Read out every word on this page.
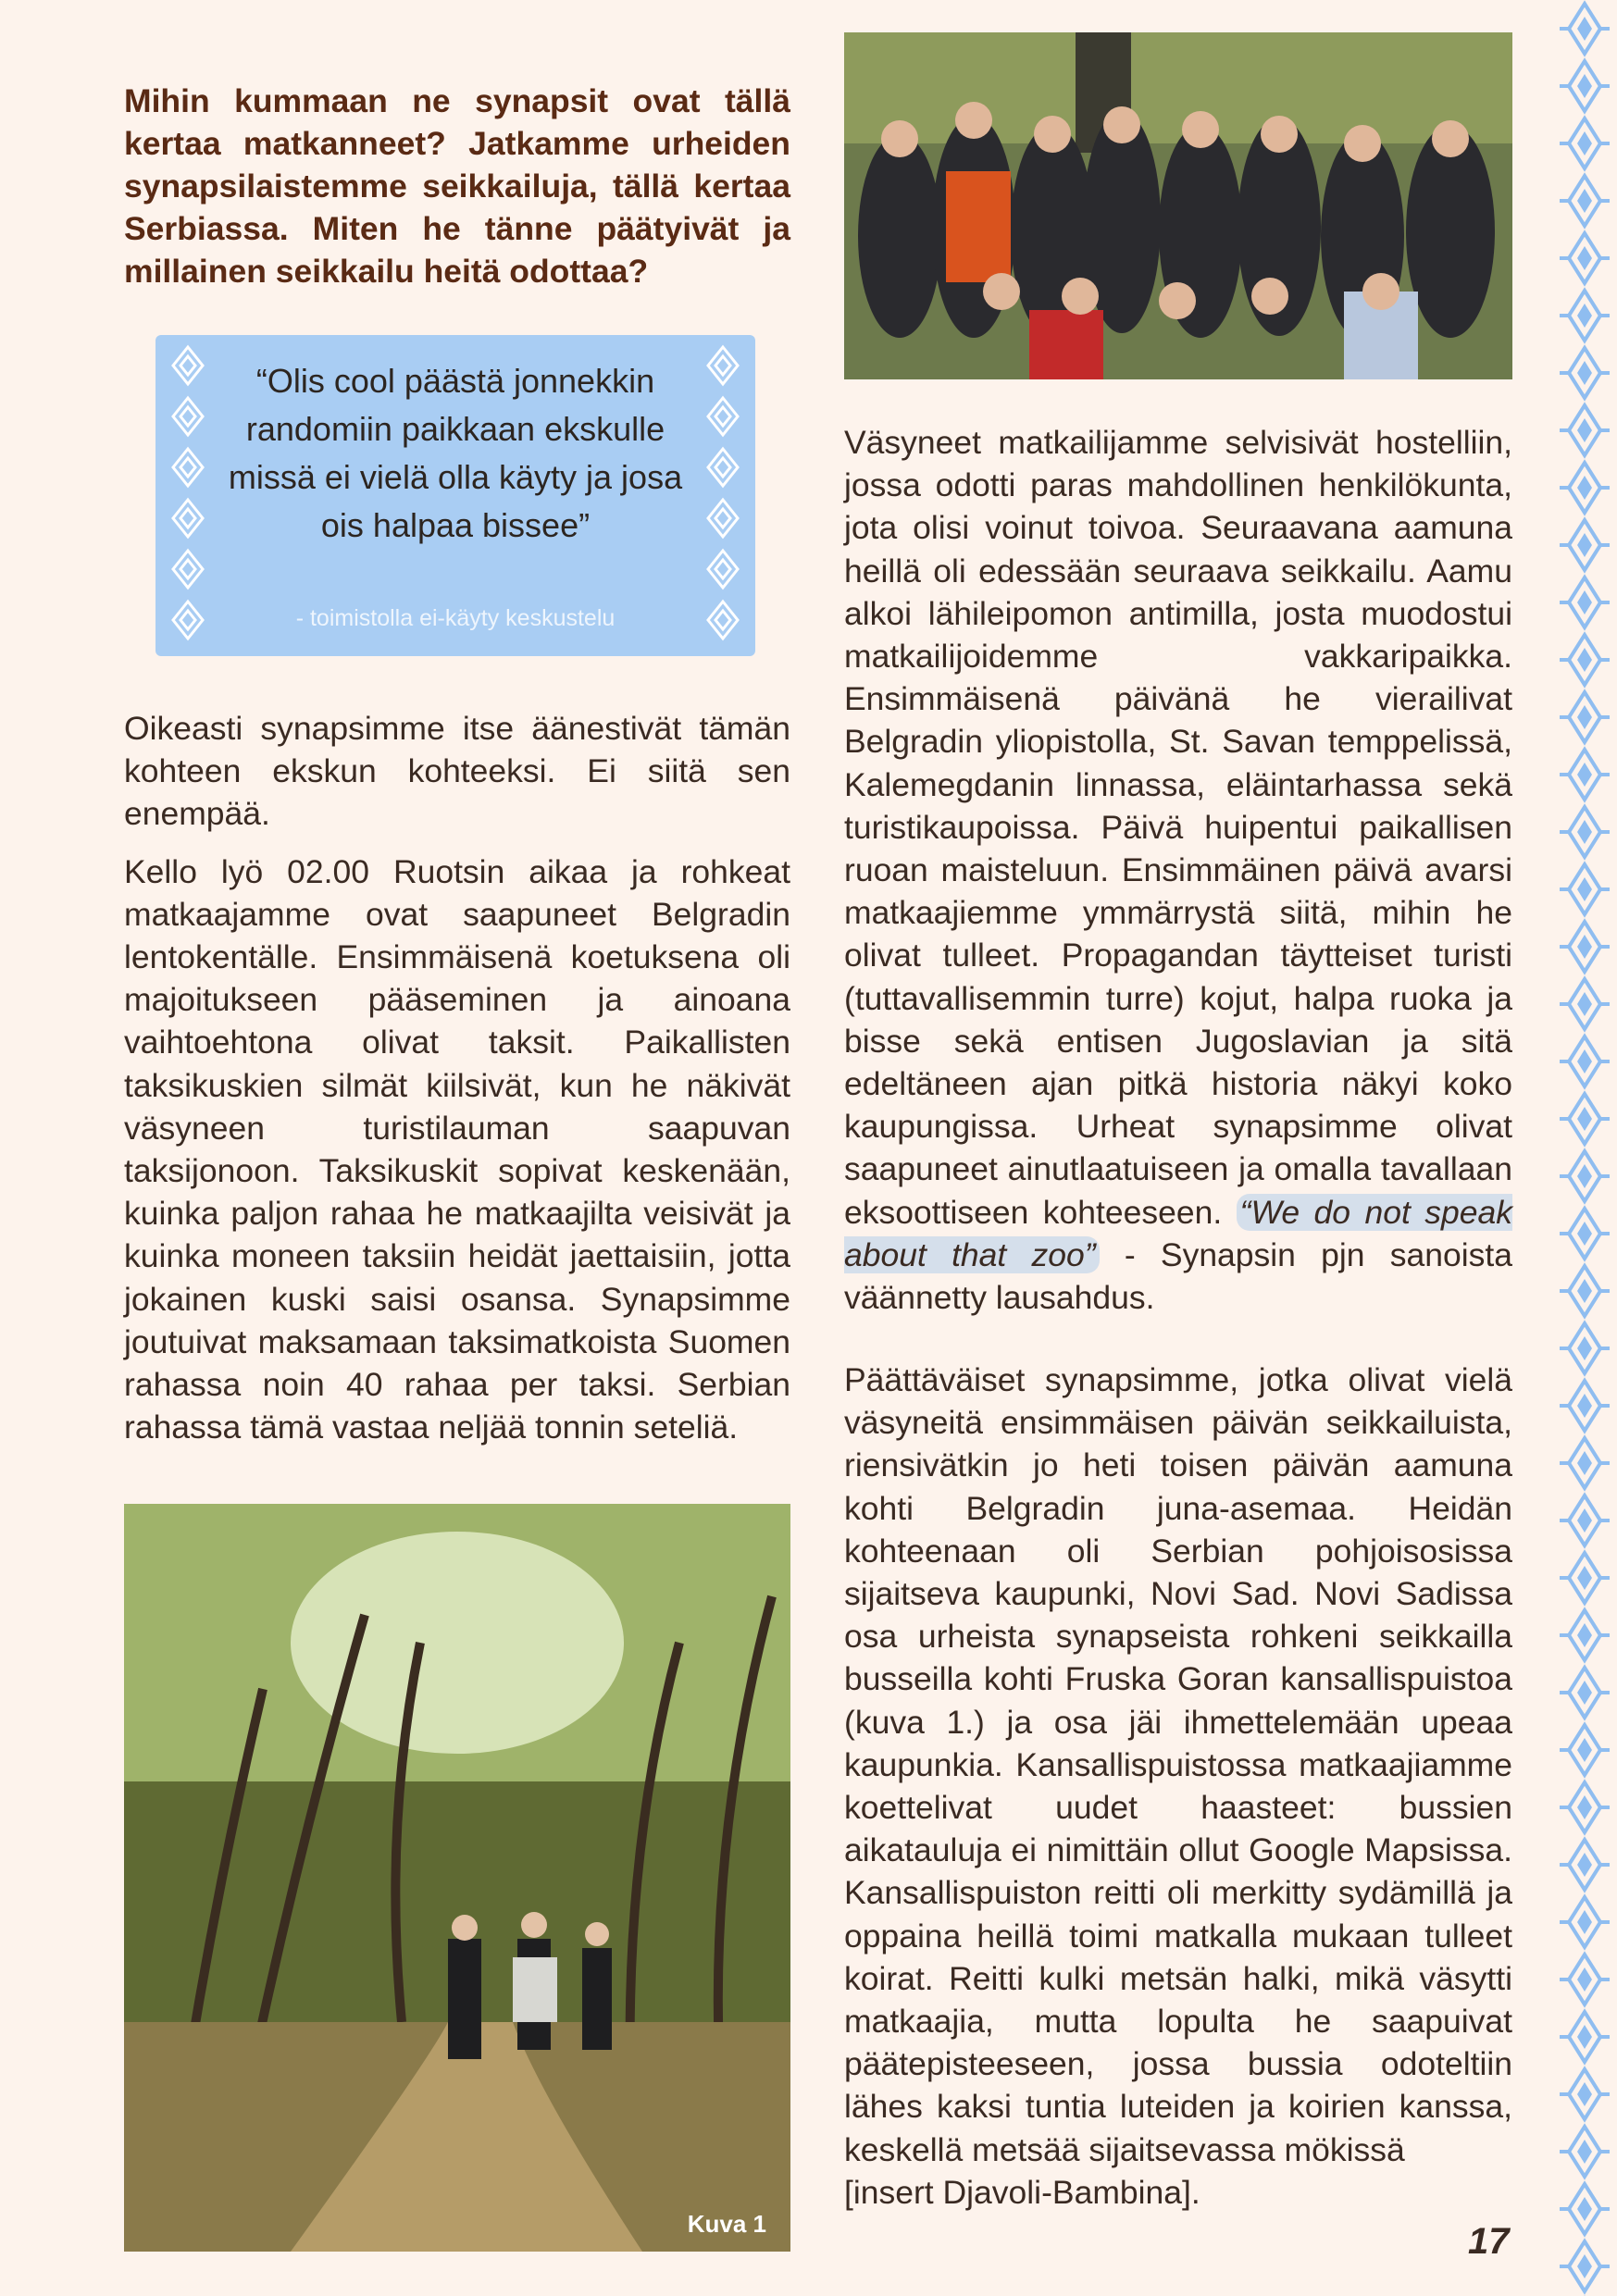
Mihin kummaan ne synapsit ovat tällä kertaa matkanneet? Jatkamme urheiden synapsilaistemme seikkailuja, tällä kertaa Serbiassa. Miten he tänne päätyivät ja millainen seikkailu heitä odottaa?
“Olis cool päästä jonnekkin randomiin paikkaan ekskulle missä ei vielä olla käyty ja josa ois halpaa bissee”
- toimistolla ei-käyty keskustelu

Oikeasti synapsimme itse äänestivät tämän kohteen ekskun kohteeksi. Ei siitä sen enempää.

Kello lyö 02.00 Ruotsin aikaa ja rohkeat matkaajamme ovat saapuneet Belgradin lentokentälle. Ensimmäisenä koetuksena oli majoitukseen pääseminen ja ainoana vaihtoehtona olivat taksit. Paikallisten taksikuskien silmät kiilsivät, kun he näkivät väsyneen turistilauman saapuvan taksijonoon. Taksikuskit sopivat keskenään, kuinka paljon rahaa he matkaajilta veisivät ja kuinka moneen taksiin heidät jaettaisiin, jotta jokainen kuski saisi osansa. Synapsimme joutuivat maksamaan taksimatkoista Suomen rahassa noin 40 rahaa per taksi. Serbian rahassa tämä vastaa neljää tonnin seteliä.

Väsyneet matkailijamme selvisivät hostelliin, jossa odotti paras mahdollinen henkilökunta, jota olisi voinut toivoa. Seuraavana aamuna heillä oli edessään seuraava seikkailu. Aamu alkoi lähileipomon antimilla, josta muodostui matkailijoidemme vakkaripaikka. Ensimmäisenä päivänä he vierailivat Belgradin yliopistolla, St. Savan temppelissä, Kalemegdanin linnassa, eläintarhassa sekä turistikaupoissa. Päivä huipentui paikallisen ruoan maisteluun. Ensimmäinen päivä avarsi matkaajiemme ymmärrystä siitä, mihin he olivat tulleet. Propagandan täytteiset turisti (tuttavallisemmin turre) kojut, halpa ruoka ja bisse sekä entisen Jugoslavian ja sitä edeltäneen ajan pitkä historia näkyi koko kaupungissa. Urheat synapsimme olivat saapuneet ainutlaatuiseen ja omalla tavallaan eksoottiseen kohteeseen. “We do not speak about that zoo” - Synapsin pjn sanoista väännetty lausahdus.

Päättäväiset synapsimme, jotka olivat vielä väsyneitä ensimmäisen päivän seikkailuista, riensivätkin jo heti toisen päivän aamuna kohti Belgradin juna-asemaa. Heidän kohteenaan oli Serbian pohjoisosissa sijaitseva kaupunki, Novi Sad. Novi Sadissa osa urheista synapseista rohkeni seikkailla busseilla kohti Fruska Goran kansallispuistoa (kuva 1.) ja osa jäi ihmettelemään upeaa kaupunkia. Kansallispuistossa matkaajiamme koettelivat uudet haasteet: bussien aikatauluja ei nimittäin ollut Google Mapsissa. Kansallispuiston reitti oli merkitty sydämillä ja oppaina heillä toimi matkalla mukaan tulleet koirat. Reitti kulki metsän halki, mikä väsytti matkaajia, mutta lopulta he saapuivat päätepisteeseen, jossa bussia odoteltiin lähes kaksi tuntia luteiden ja koirien kanssa, keskellä metsää sijaitsevassa mökissä

[insert Djavoli-Bambina].
Kuva 1	17
